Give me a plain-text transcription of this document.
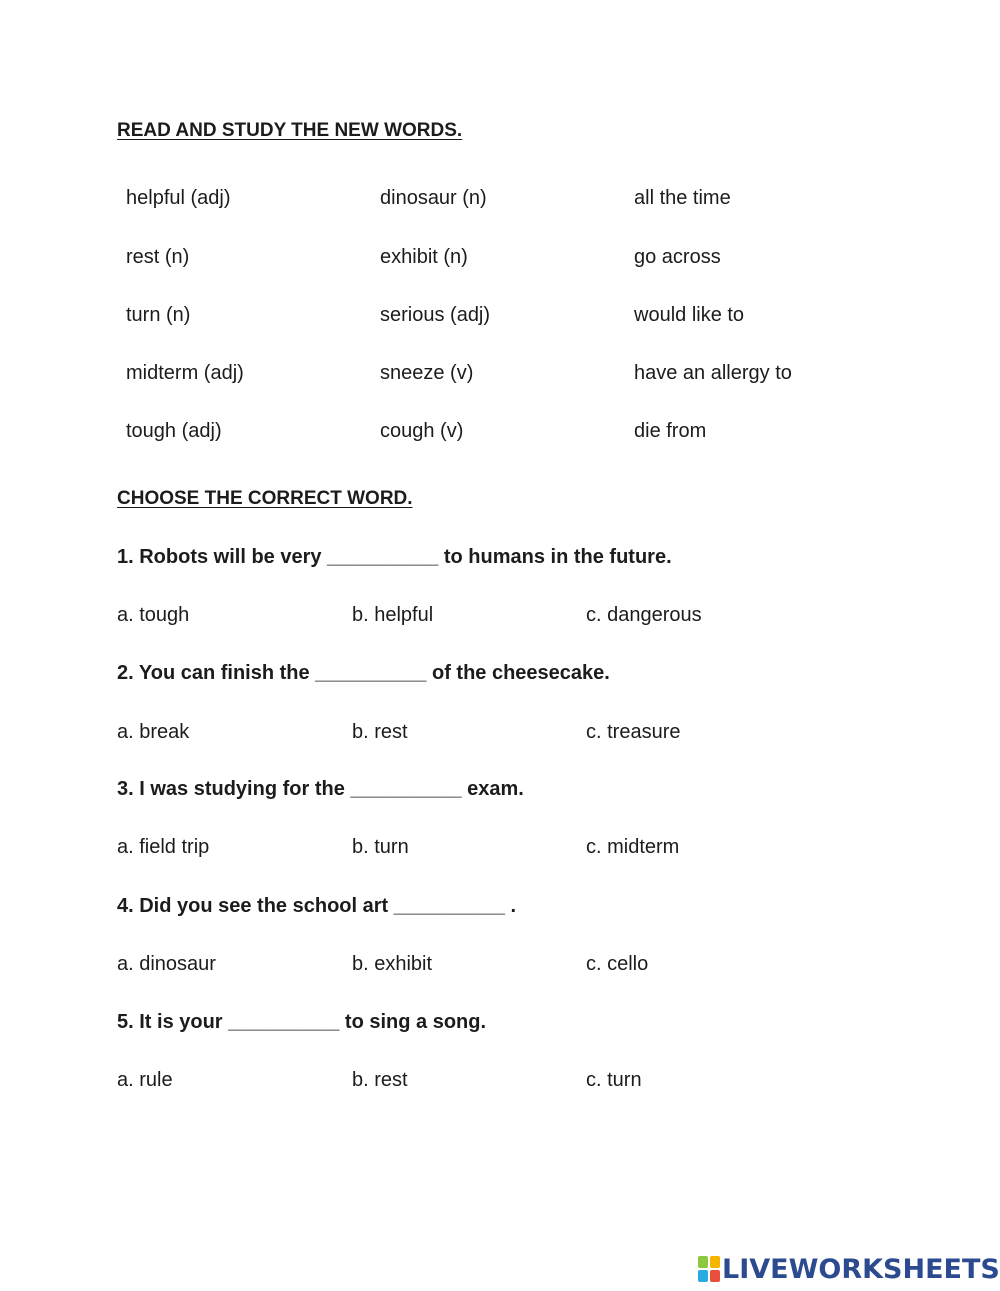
READ AND STUDY THE NEW WORDS.
helpful (adj)	dinosaur (n)	all the time
rest (n)	exhibit (n)	go across
turn (n)	serious (adj)	would like to
midterm (adj)	sneeze (v)	have an allergy to
tough (adj)	cough (v)	die from
CHOOSE THE CORRECT WORD.
1. Robots will be very __________ to humans in the future.
a. tough	b. helpful	c. dangerous
2. You can finish the __________ of the cheesecake.
a. break	b. rest	c. treasure
3. I was studying for the __________ exam.
a. field trip	b. turn	c. midterm
4. Did you see the school art __________ .
a. dinosaur	b. exhibit	c. cello
5. It is your __________ to sing a song.
a. rule	b. rest	c. turn
LIVEWORKSHEETS
